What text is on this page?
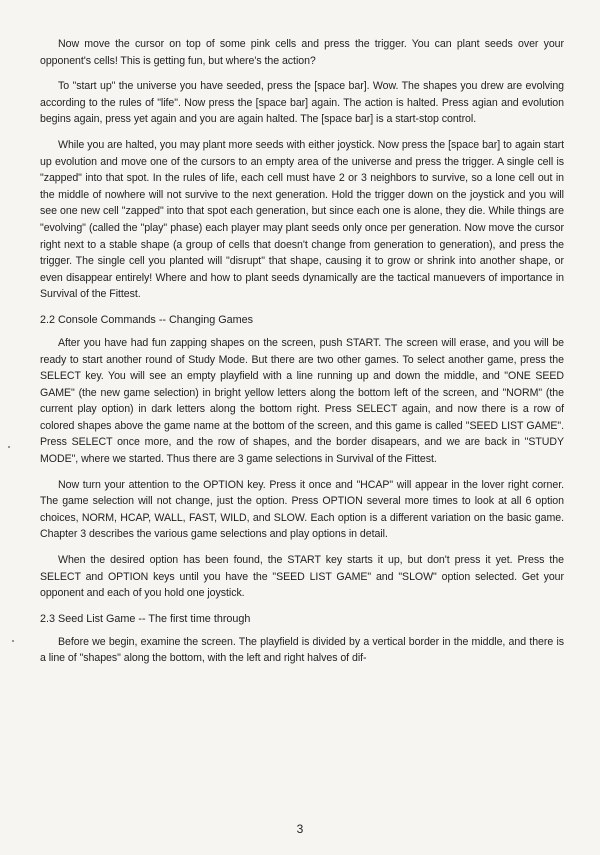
Now move the cursor on top of some pink cells and press the trigger. You can plant seeds over your opponent's cells! This is getting fun, but where's the action?

To "start up" the universe you have seeded, press the [space bar]. Wow. The shapes you drew are evolving according to the rules of "life". Now press the [space bar] again. The action is halted. Press agian and evolution begins again, press yet again and you are again halted. The [space bar] is a start-stop control.

While you are halted, you may plant more seeds with either joystick. Now press the [space bar] to again start up evolution and move one of the cursors to an empty area of the universe and press the trigger. A single cell is "zapped" into that spot. In the rules of life, each cell must have 2 or 3 neighbors to survive, so a lone cell out in the middle of nowhere will not survive to the next generation. Hold the trigger down on the joystick and you will see one new cell "zapped" into that spot each generation, but since each one is alone, they die. While things are "evolving" (called the "play" phase) each player may plant seeds only once per generation. Now move the cursor right next to a stable shape (a group of cells that doesn't change from generation to generation), and press the trigger. The single cell you planted will "disrupt" that shape, causing it to grow or shrink into another shape, or even disappear entirely! Where and how to plant seeds dynamically are the tactical manuevers of importance in Survival of the Fittest.

2.2 Console Commands -- Changing Games

After you have had fun zapping shapes on the screen, push START. The screen will erase, and you will be ready to start another round of Study Mode. But there are two other games. To select another game, press the SELECT key. You will see an empty playfield with a line running up and down the middle, and "ONE SEED GAME" (the new game selection) in bright yellow letters along the bottom left of the screen, and "NORM" (the current play option) in dark letters along the bottom right. Press SELECT again, and now there is a row of colored shapes above the game name at the bottom of the screen, and this game is called "SEED LIST GAME". Press SELECT once more, and the row of shapes, and the border disapears, and we are back in "STUDY MODE", where we started. Thus there are 3 game selections in Survival of the Fittest.

Now turn your attention to the OPTION key. Press it once and "HCAP" will appear in the lover right corner. The game selection will not change, just the option. Press OPTION several more times to look at all 6 option choices, NORM, HCAP, WALL, FAST, WILD, and SLOW. Each option is a different variation on the basic game. Chapter 3 describes the various game selections and play options in detail.

When the desired option has been found, the START key starts it up, but don't press it yet. Press the SELECT and OPTION keys until you have the "SEED LIST GAME" and "SLOW" option selected. Get your opponent and each of you hold one joystick.

2.3 Seed List Game -- The first time through

Before we begin, examine the screen. The playfield is divided by a vertical border in the middle, and there is a line of "shapes" along the bottom, with the left and right halves of dif-

3
